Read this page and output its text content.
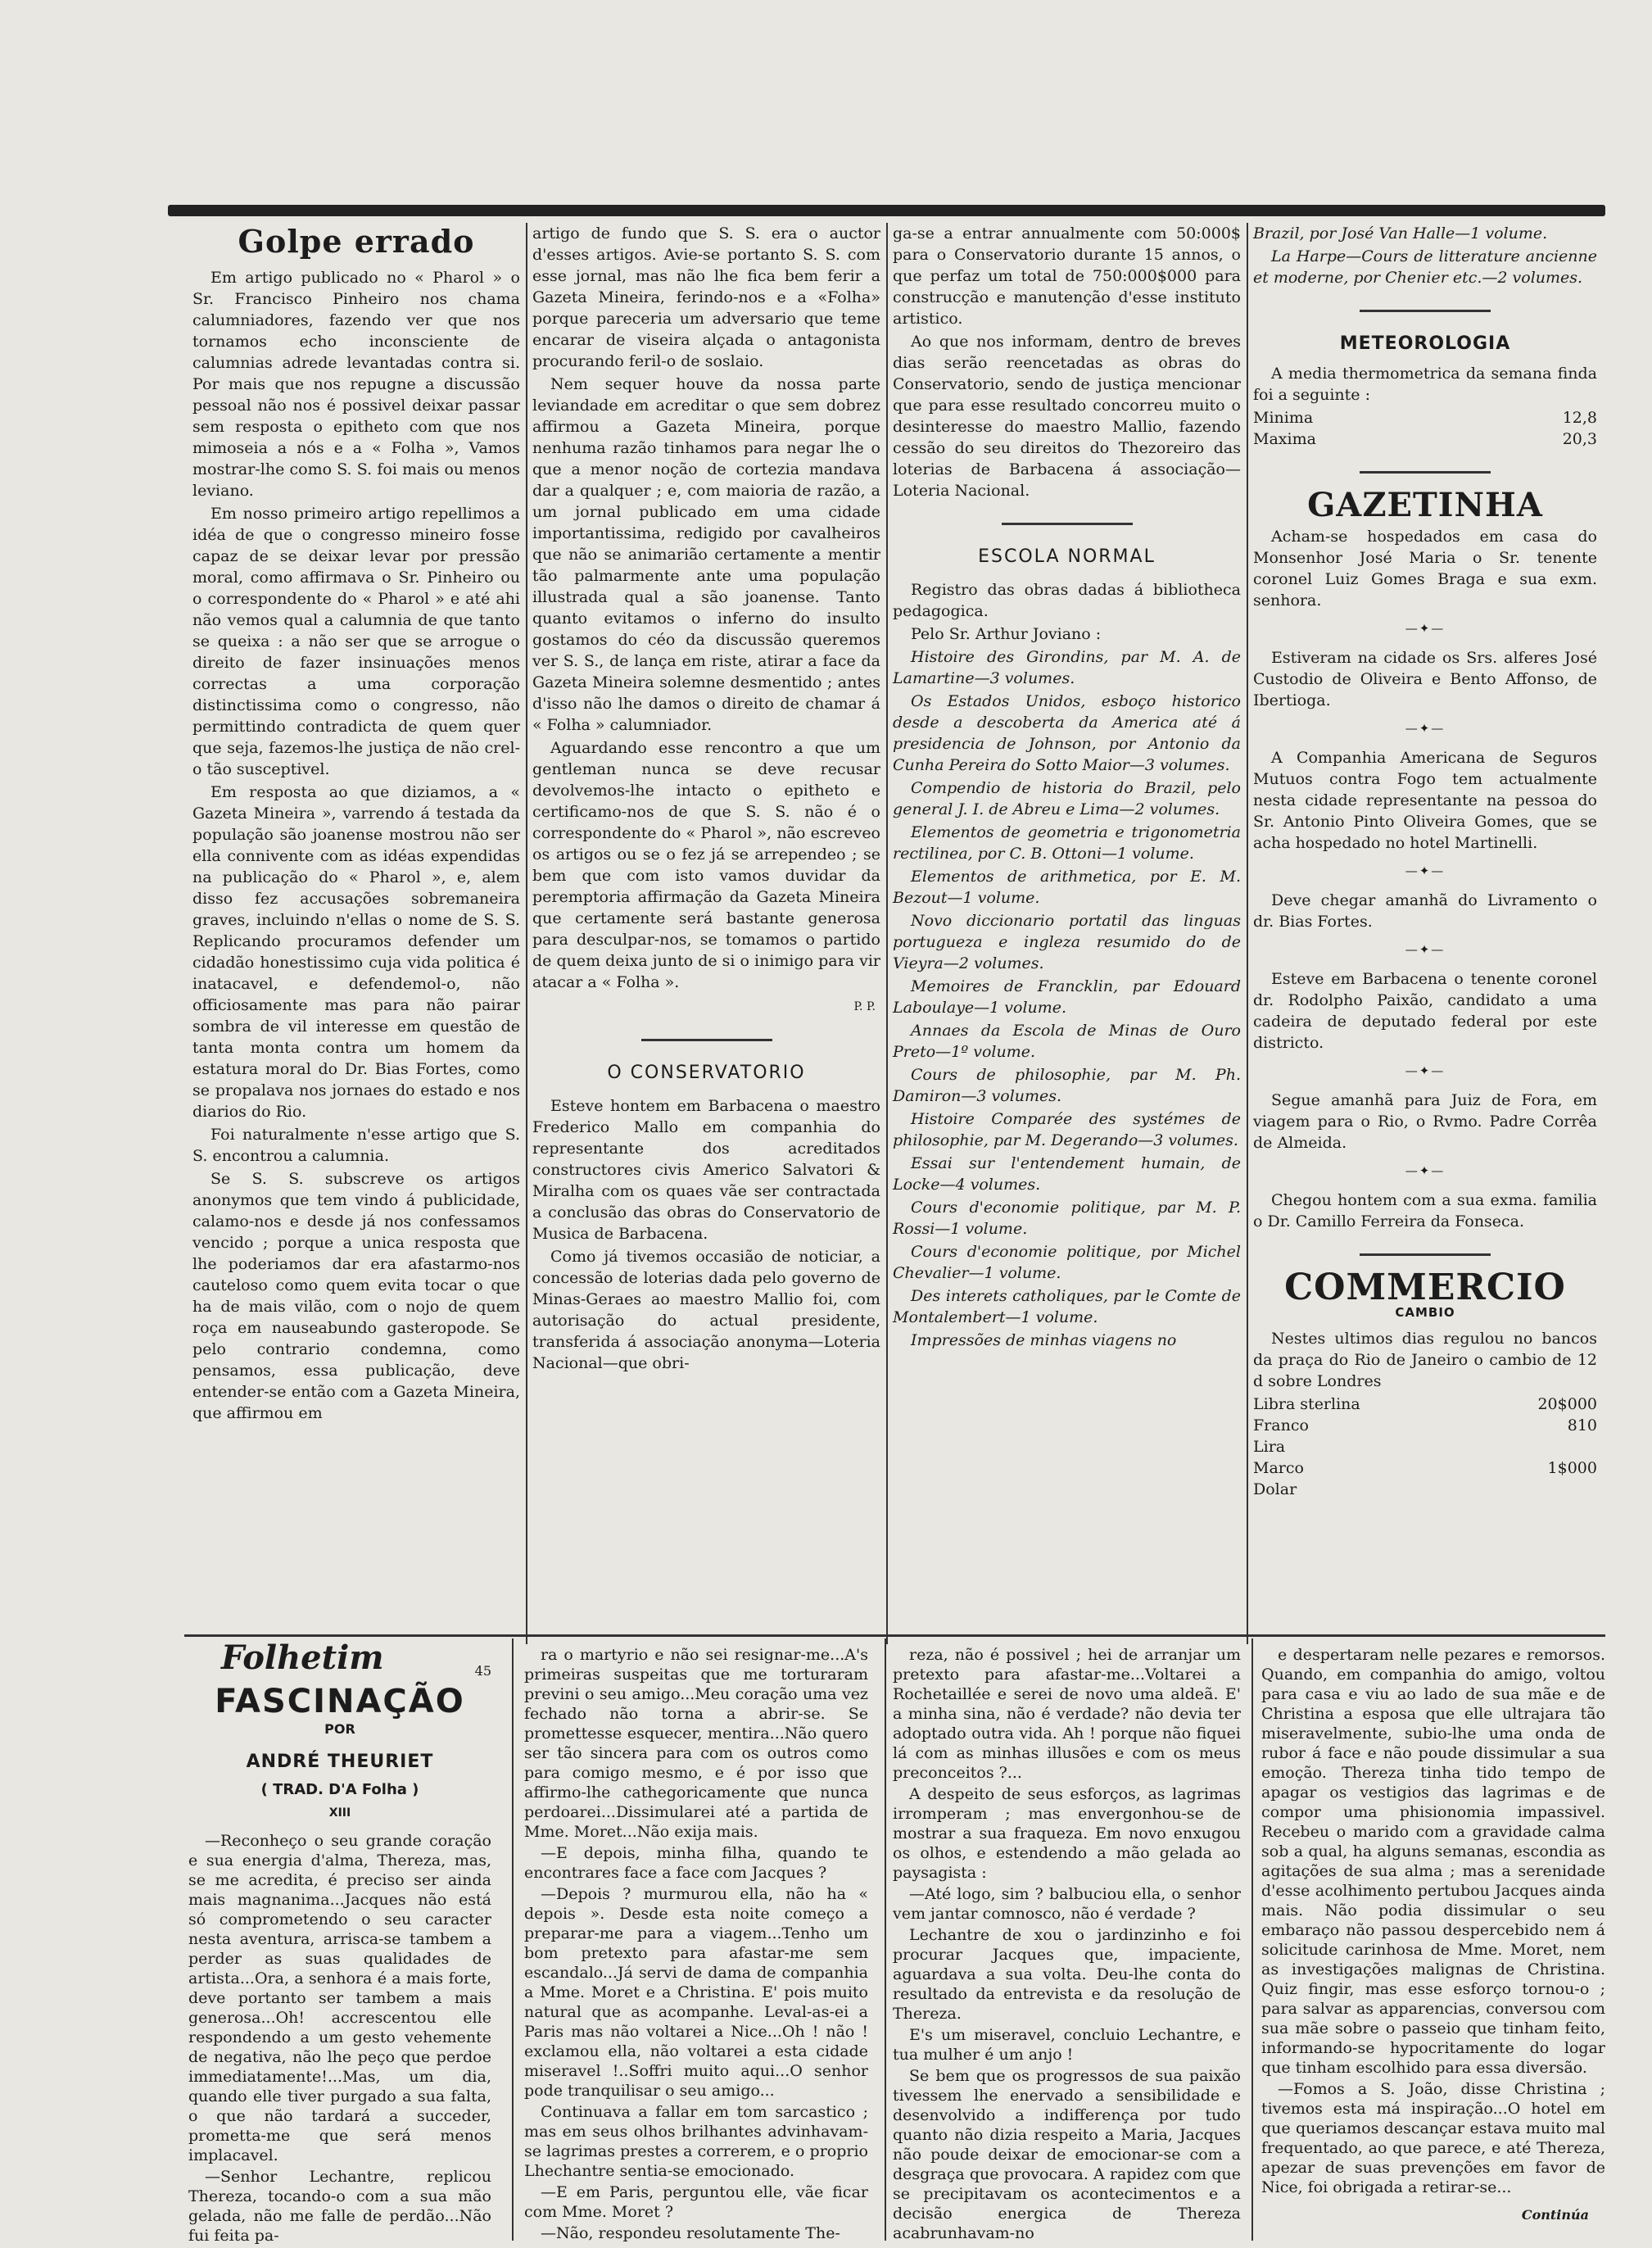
Golpe errado

Em artigo publicado no « Pharol » o Sr. Francisco Pinheiro nos chama calumniadores, fazendo ver que nos tornamos echo inconsciente de calumnias adrede levantadas contra si. Por mais que nos repugne a discussão pessoal não nos é possivel deixar passar sem resposta o epitheto com que nos mimoseia a nós e a « Folha », Vamos mostrar-lhe como S. S. foi mais ou menos leviano.

Em nosso primeiro artigo repellimos a idéa de que o congresso mineiro fosse capaz de se deixar levar por pressão moral, como affirmava o Sr. Pinheiro ou o correspondente do « Pharol » e até ahi não vemos qual a calumnia de que tanto se queixa : a não ser que se arrogue o direito de fazer insinuações menos correctas a uma corporação distinctissima como o congresso, não permittindo contradicta de quem quer que seja, fazemos-lhe justiça de não crel-o tão susceptivel.

Em resposta ao que diziamos, a « Gazeta Mineira », varrendo á testada da população são joanense mostrou não ser ella connivente com as idéas expendidas na publicação do « Pharol », e, alem disso fez accusações sobremaneira graves, incluindo n'ellas o nome de S. S. Replicando procuramos defender um cidadão honestissimo cuja vida politica é inatacavel, e defendemol-o, não officiosamente mas para não pairar sombra de vil interesse em questão de tanta monta contra um homem da estatura moral do Dr. Bias Fortes, como se propalava nos jornaes do estado e nos diarios do Rio.

Foi naturalmente n'esse artigo que S. S. encontrou a calumnia.

Se S. S. subscreve os artigos anonymos que tem vindo á publicidade, calamo-nos e desde já nos confessamos vencido ; porque a unica resposta que lhe poderiamos dar era afastarmo-nos cauteloso como quem evita tocar o que ha de mais vilão, com o nojo de quem roça em nauseabundo gasteropode. Se pelo contrario condemna, como pensamos, essa publicação, deve entender-se então com a Gazeta Mineira, que affirmou em

artigo de fundo que S. S. era o auctor d'esses artigos. Avie-se portanto S. S. com esse jornal, mas não lhe fica bem ferir a Gazeta Mineira, ferindo-nos e a «Folha» porque pareceria um adversario que teme encarar de viseira alçada o antagonista procurando feril-o de soslaio.

Nem sequer houve da nossa parte leviandade em acreditar o que sem dobrez affirmou a Gazeta Mineira, porque nenhuma razão tinhamos para negar lhe o que a menor noção de cortezia mandava dar a qualquer ; e, com maioria de razão, a um jornal publicado em uma cidade importantissima, redigido por cavalheiros que não se animarião certamente a mentir tão palmarmente ante uma população illustrada qual a são joanense. Tanto quanto evitamos o inferno do insulto gostamos do céo da discussão queremos ver S. S., de lança em riste, atirar a face da Gazeta Mineira solemne desmentido ; antes d'isso não lhe damos o direito de chamar á « Folha » calumniador.

Aguardando esse rencontro a que um gentleman nunca se deve recusar devolvemos-lhe intacto o epitheto e certificamo-nos de que S. S. não é o correspondente do « Pharol », não escreveo os artigos ou se o fez já se arrependeo ; se bem que com isto vamos duvidar da peremptoria affirmação da Gazeta Mineira que certamente será bastante generosa para desculpar-nos, se tomamos o partido de quem deixa junto de si o inimigo para vir atacar a « Folha ».

P. P.
O CONSERVATORIO

Esteve hontem em Barbacena o maestro Frederico Mallo em companhia do representante dos acreditados constructores civis Americo Salvatori & Miralha com os quaes vãe ser contractada a conclusão das obras do Conservatorio de Musica de Barbacena.

Como já tivemos occasião de noticiar, a concessão de loterias dada pelo governo de Minas-Geraes ao maestro Mallio foi, com autorisação do actual presidente, transferida á associação anonyma—Loteria Nacional—que obri-

ga-se a entrar annualmente com 50:000$ para o Conservatorio durante 15 annos, o que perfaz um total de 750:000$000 para construcção e manutenção d'esse instituto artistico.

Ao que nos informam, dentro de breves dias serão reencetadas as obras do Conservatorio, sendo de justiça mencionar que para esse resultado concorreu muito o desinteresse do maestro Mallio, fazendo cessão do seu direitos do Thezoreiro das loterias de Barbacena á associação—Loteria Nacional.

ESCOLA NORMAL

Registro das obras dadas á bibliotheca pedagogica.

Pelo Sr. Arthur Joviano :

Histoire des Girondins, par M. A. de Lamartine—3 volumes.

Os Estados Unidos, esboço historico desde a descoberta da America até á presidencia de Johnson, por Antonio da Cunha Pereira do Sotto Maior—3 volumes.

Compendio de historia do Brazil, pelo general J. I. de Abreu e Lima—2 volumes.

Elementos de geometria e trigonometria rectilinea, por C. B. Ottoni—1 volume.

Elementos de arithmetica, por E. M. Bezout—1 volume.

Novo diccionario portatil das linguas portugueza e ingleza resumido do de Vieyra—2 volumes.

Memoires de Francklin, par Edouard Laboulaye—1 volume.

Annaes da Escola de Minas de Ouro Preto—1º volume.

Cours de philosophie, par M. Ph. Damiron—3 volumes.

Histoire Comparée des systémes de philosophie, par M. Degerando—3 volumes.

Essai sur l'entendement humain, de Locke—4 volumes.

Cours d'economie politique, par M. P. Rossi—1 volume.

Cours d'economie politique, por Michel Chevalier—1 volume.

Des interets catholiques, par le Comte de Montalembert—1 volume.

Impressões de minhas viagens no

Brazil, por José Van Halle—1 volume.

La Harpe—Cours de litterature ancienne et moderne, por Chenier etc.—2 volumes.

METEOROLOGIA

A media thermometrica da semana finda foi a seguinte :

Minima	12,8
Maxima	20,3
GAZETINHA

Acham-se hospedados em casa do Monsenhor José Maria o Sr. tenente coronel Luiz Gomes Braga e sua exm. senhora.

—✦—

Estiveram na cidade os Srs. alferes José Custodio de Oliveira e Bento Affonso, de Ibertioga.

—✦—

A Companhia Americana de Seguros Mutuos contra Fogo tem actualmente nesta cidade representante na pessoa do Sr. Antonio Pinto Oliveira Gomes, que se acha hospedado no hotel Martinelli.

—✦—

Deve chegar amanhã do Livramento o dr. Bias Fortes.

—✦—

Esteve em Barbacena o tenente coronel dr. Rodolpho Paixão, candidato a uma cadeira de deputado federal por este districto.

—✦—

Segue amanhã para Juiz de Fora, em viagem para o Rio, o Rvmo. Padre Corrêa de Almeida.

—✦—

Chegou hontem com a sua exma. familia o Dr. Camillo Ferreira da Fonseca.

COMMERCIO
CAMBIO

Nestes ultimos dias regulou no bancos da praça do Rio de Janeiro o cambio de 12 d sobre Londres

Libra sterlina	20$000
Franco	810
Lira
Marco	1$000
Dolar
Folhetim	45
FASCINAÇÃO
POR
ANDRÉ THEURIET
( TRAD. D'A Folha )
XIII

—Reconheço o seu grande coração e sua energia d'alma, Thereza, mas, se me acredita, é preciso ser ainda mais magnanima...Jacques não está só comprometendo o seu caracter nesta aventura, arrisca-se tambem a perder as suas qualidades de artista...Ora, a senhora é a mais forte, deve portanto ser tambem a mais generosa...Oh! accrescentou elle respondendo a um gesto vehemente de negativa, não lhe peço que perdoe immediatamente!...Mas, um dia, quando elle tiver purgado a sua falta, o que não tardará a succeder, prometta-me que será menos implacavel.

—Senhor Lechantre, replicou Thereza, tocando-o com a sua mão gelada, não me falle de perdão...Não fui feita pa-

ra o martyrio e não sei resignar-me...A's primeiras suspeitas que me torturaram previni o seu amigo...Meu coração uma vez fechado não torna a abrir-se. Se promettesse esquecer, mentira...Não quero ser tão sincera para com os outros como para comigo mesmo, e é por isso que affirmo-lhe cathegoricamente que nunca perdoarei...Dissimularei até a partida de Mme. Moret...Não exija mais.

—E depois, minha filha, quando te encontrares face a face com Jacques ?

—Depois ? murmurou ella, não ha « depois ». Desde esta noite começo a preparar-me para a viagem...Tenho um bom pretexto para afastar-me sem escandalo...Já servi de dama de companhia a Mme. Moret e a Christina. E' pois muito natural que as acompanhe. Leval-as-ei a Paris mas não voltarei a Nice...Oh ! não ! exclamou ella, não voltarei a esta cidade miseravel !..Soffri muito aqui...O senhor pode tranquilisar o seu amigo...

Continuava a fallar em tom sarcastico ; mas em seus olhos brilhantes advinhavam-se lagrimas prestes a correrem, e o proprio Lhechantre sentia-se emocionado.

—E em Paris, perguntou elle, vãe ficar com Mme. Moret ?

—Não, respondeu resolutamente The-

reza, não é possivel ; hei de arranjar um pretexto para afastar-me...Voltarei a Rochetaillée e serei de novo uma aldeã. E' a minha sina, não é verdade? não devia ter adoptado outra vida. Ah ! porque não fiquei lá com as minhas illusões e com os meus preconceitos ?...

A despeito de seus esforços, as lagrimas irromperam ; mas envergonhou-se de mostrar a sua fraqueza. Em novo enxugou os olhos, e estendendo a mão gelada ao paysagista :

—Até logo, sim ? balbuciou ella, o senhor vem jantar comnosco, não é verdade ?

Lechantre de xou o jardinzinho e foi procurar Jacques que, impaciente, aguardava a sua volta. Deu-lhe conta do resultado da entrevista e da resolução de Thereza.

E's um miseravel, concluio Lechantre, e tua mulher é um anjo !

Se bem que os progressos de sua paixão tivessem lhe enervado a sensibilidade e desenvolvido a indifferença por tudo quanto não dizia respeito a Maria, Jacques não poude deixar de emocionar-se com a desgraça que provocara. A rapidez com que se precipitavam os acontecimentos e a decisão energica de Thereza acabrunhavam-no

e despertaram nelle pezares e remorsos. Quando, em companhia do amigo, voltou para casa e viu ao lado de sua mãe e de Christina a esposa que elle ultrajara tão miseravelmente, subio-lhe uma onda de rubor á face e não poude dissimular a sua emoção. Thereza tinha tido tempo de apagar os vestigios das lagrimas e de compor uma phisionomia impassivel. Recebeu o marido com a gravidade calma sob a qual, ha alguns semanas, escondia as agitações de sua alma ; mas a serenidade d'esse acolhimento pertubou Jacques ainda mais. Não podia dissimular o seu embaraço não passou despercebido nem á solicitude carinhosa de Mme. Moret, nem as investigações malignas de Christina. Quiz fingir, mas esse esforço tornou-o ; para salvar as apparencias, conversou com sua mãe sobre o passeio que tinham feito, informando-se hypocritamente do logar que tinham escolhido para essa diversão.

—Fomos a S. João, disse Christina ; tivemos esta má inspiração...O hotel em que queriamos descançar estava muito mal frequentado, ao que parece, e até Thereza, apezar de suas prevenções em favor de Nice, foi obrigada a retirar-se...

Continúa
